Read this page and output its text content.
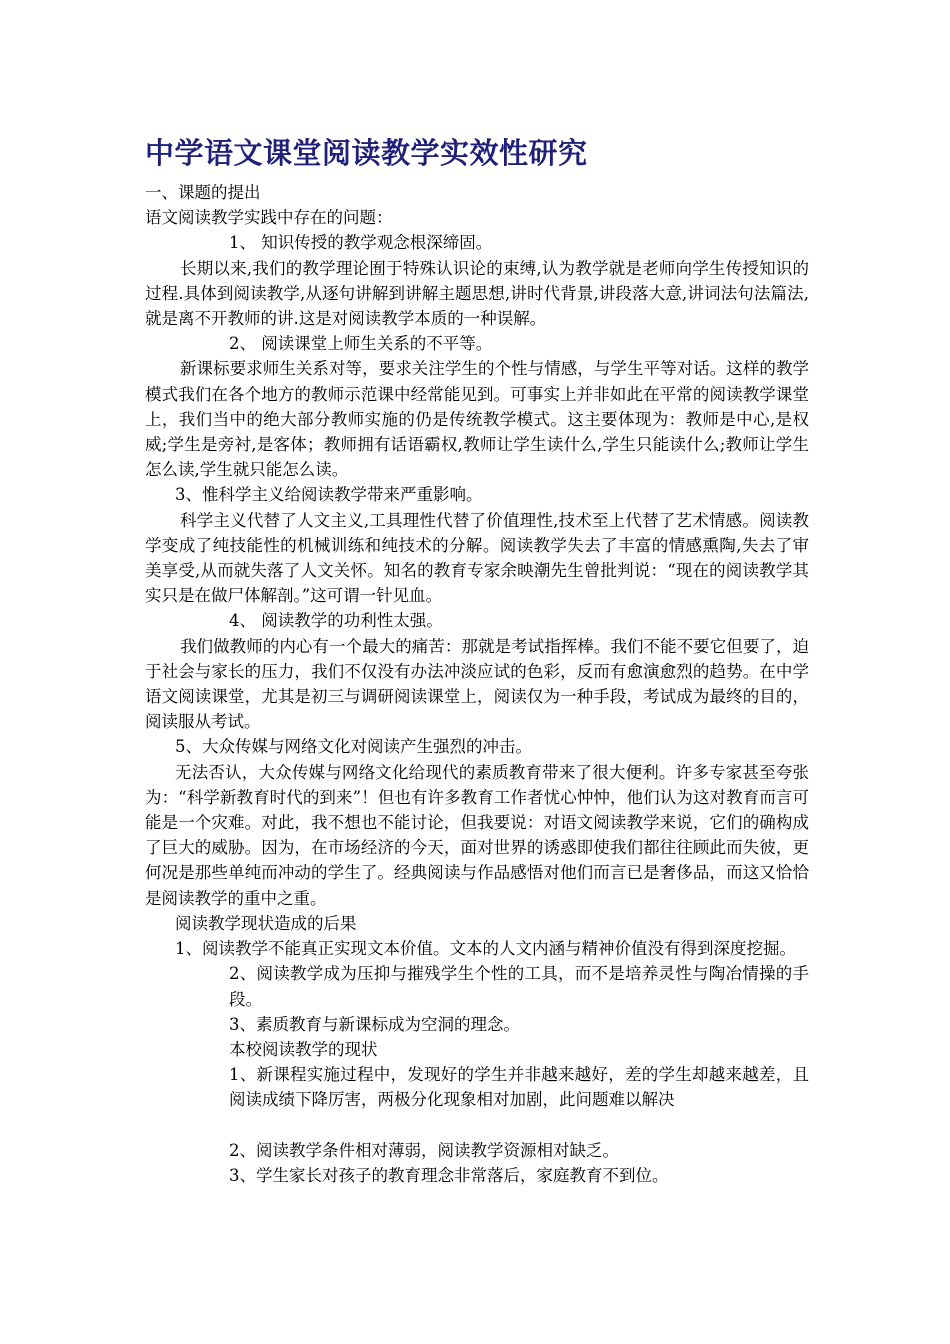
中学语文课堂阅读教学实效性研究

一、课题的提出

语文阅读教学实践中存在的问题：

1、 知识传授的教学观念根深缔固。

长期以来,我们的教学理论囿于特殊认识论的束缚,认为教学就是老师向学生传授知识的过程.具体到阅读教学,从逐句讲解到讲解主题思想,讲时代背景,讲段落大意,讲词法句法篇法,就是离不开教师的讲.这是对阅读教学本质的一种误解。

2、 阅读课堂上师生关系的不平等。

新课标要求师生关系对等，要求关注学生的个性与情感，与学生平等对话。这样的教学模式我们在各个地方的教师示范课中经常能见到。可事实上并非如此在平常的阅读教学课堂上，我们当中的绝大部分教师实施的仍是传统教学模式。这主要体现为：教师是中心,是权威;学生是旁衬,是客体；教师拥有话语霸权,教师让学生读什么,学生只能读什么;教师让学生怎么读,学生就只能怎么读。

3、惟科学主义给阅读教学带来严重影响。

科学主义代替了人文主义,工具理性代替了价值理性,技术至上代替了艺术情感。阅读教学变成了纯技能性的机械训练和纯技术的分解。阅读教学失去了丰富的情感熏陶,失去了审美享受,从而就失落了人文关怀。知名的教育专家余映潮先生曾批判说：“现在的阅读教学其实只是在做尸体解剖。”这可谓一针见血。

4、 阅读教学的功利性太强。

我们做教师的内心有一个最大的痛苦：那就是考试指挥棒。我们不能不要它但要了，迫于社会与家长的压力，我们不仅没有办法冲淡应试的色彩，反而有愈演愈烈的趋势。在中学语文阅读课堂，尤其是初三与调研阅读课堂上，阅读仅为一种手段，考试成为最终的目的，阅读服从考试。

5、大众传媒与网络文化对阅读产生强烈的冲击。

无法否认，大众传媒与网络文化给现代的素质教育带来了很大便利。许多专家甚至夸张为：“科学新教育时代的到来”！但也有许多教育工作者忧心忡忡，他们认为这对教育而言可能是一个灾难。对此，我不想也不能讨论，但我要说：对语文阅读教学来说，它们的确构成了巨大的威胁。因为，在市场经济的今天，面对世界的诱惑即使我们都往往顾此而失彼，更何况是那些单纯而冲动的学生了。经典阅读与作品感悟对他们而言已是奢侈品，而这又恰恰是阅读教学的重中之重。

阅读教学现状造成的后果

1、阅读教学不能真正实现文本价值。文本的人文内涵与精神价值没有得到深度挖掘。

2、阅读教学成为压抑与摧残学生个性的工具，而不是培养灵性与陶冶情操的手段。

3、素质教育与新课标成为空洞的理念。

本校阅读教学的现状

1、新课程实施过程中，发现好的学生并非越来越好，差的学生却越来越差，且阅读成绩下降厉害，两极分化现象相对加剧，此问题难以解决

2、阅读教学条件相对薄弱，阅读教学资源相对缺乏。

3、学生家长对孩子的教育理念非常落后，家庭教育不到位。
